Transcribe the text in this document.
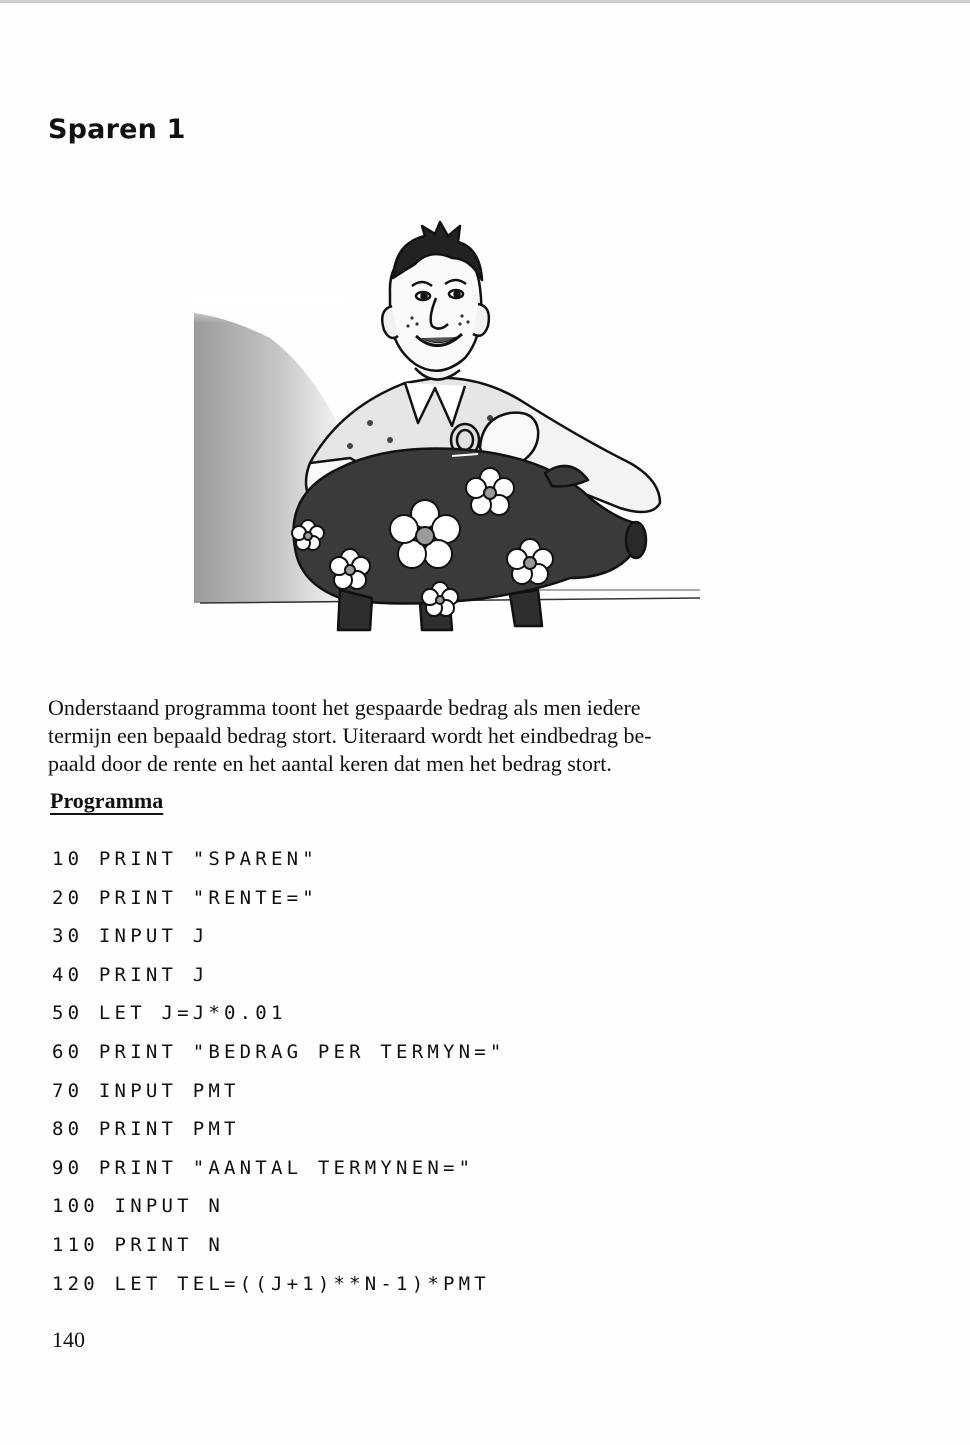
Sparen 1

Onderstaand programma toont het gespaarde bedrag als men iedere
termijn een bepaald bedrag stort. Uiteraard wordt het eindbedrag be-
paald door de rente en het aantal keren dat men het bedrag stort.

Programma
10 PRINT "SPAREN"
20 PRINT "RENTE="
30 INPUT J
40 PRINT J
50 LET J=J*0.01
60 PRINT "BEDRAG PER TERMYN="
70 INPUT PMT
80 PRINT PMT
90 PRINT "AANTAL TERMYNEN="
100 INPUT N
110 PRINT N
120 LET TEL=((J+1)**N-1)*PMT

140
